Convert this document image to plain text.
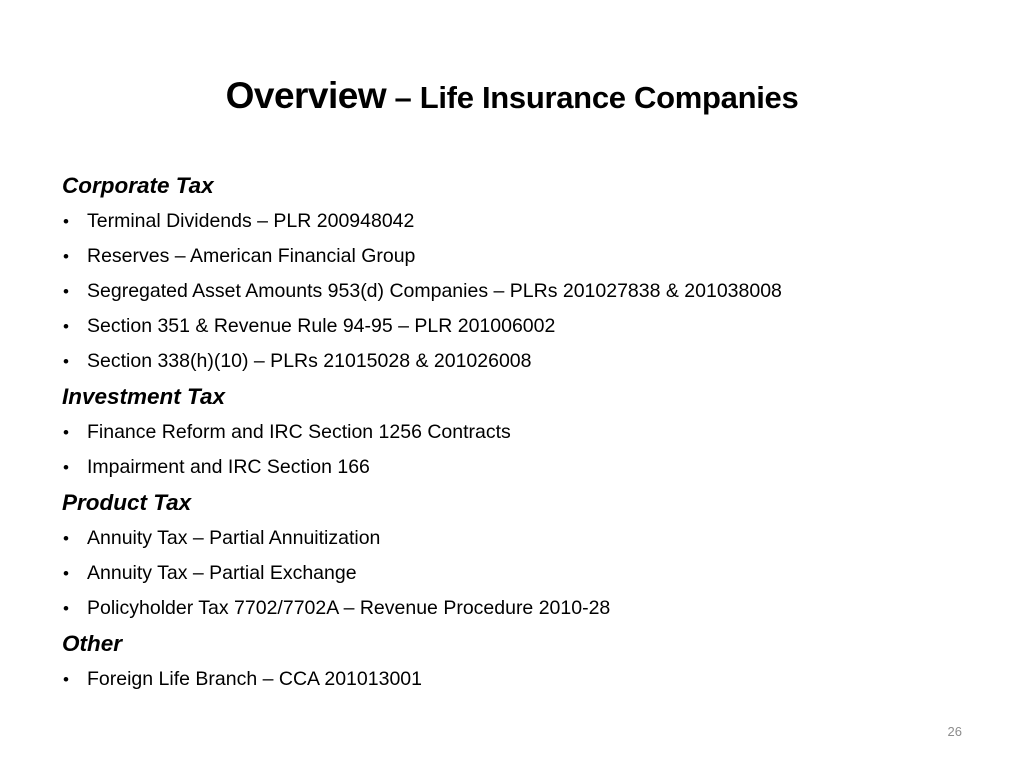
Overview – Life Insurance Companies
Corporate Tax
• Terminal Dividends – PLR 200948042
• Reserves – American Financial Group
• Segregated Asset Amounts 953(d) Companies – PLRs 201027838 & 201038008
• Section 351 & Revenue Rule 94-95 – PLR 201006002
• Section 338(h)(10) – PLRs 21015028 & 201026008
Investment Tax
• Finance Reform and IRC Section 1256 Contracts
• Impairment and IRC Section 166
Product Tax
• Annuity Tax – Partial Annuitization
• Annuity Tax – Partial Exchange
• Policyholder Tax 7702/7702A – Revenue Procedure 2010-28
Other
• Foreign Life Branch – CCA 201013001
26
